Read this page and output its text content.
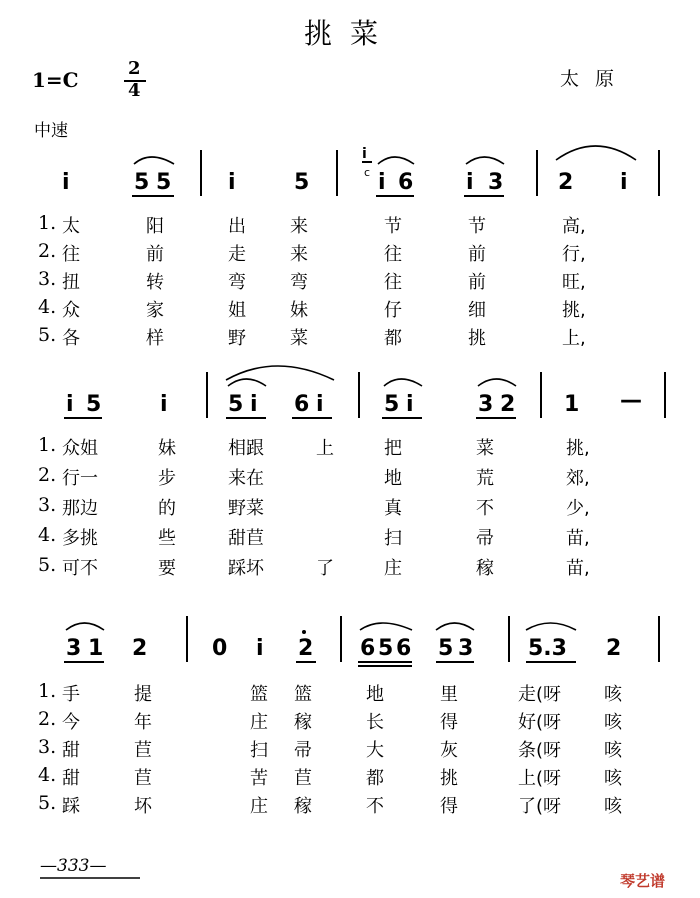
挑菜
1=C	2
4
太原
中速
i	5 5	i	5	i 6 i 3 2 i
1. 太	阳	出 来	节	节	高,
2. 往	前	走 来	往	前	行,
3. 扭	转	弯 弯	往	前	旺,
4. 众	家	姐 妹	仔	细	挑,
5. 各	样	野 菜	都	挑	上,
i 5	i	5 i 6 i	5 i	3 2 1 —
1. 众姐	妹	相跟	上	把	菜	挑,
2. 行一	步	来在	地	荒	郊,
3. 那边	的	野菜	真	不	少,
4. 多挑	些	甜苣	扫	帚	苗,
5. 可不	要	踩坏	了	庄	稼	苗,
3 1 2	0 i 2 6 5 6 5 3 5.3 2
1. 手	提	篮 篮	地	里	走(呀 咳
2. 今	年	庄 稼	长	得	好(呀 咳
3. 甜	苣	扫 帚	大	灰	条(呀 咳
4. 甜	苣	苦 苣	都	挑	上(呀 咳
5. 踩	坏	庄 稼	不	得	了(呀 咳
i
c
—333—
琴艺谱
